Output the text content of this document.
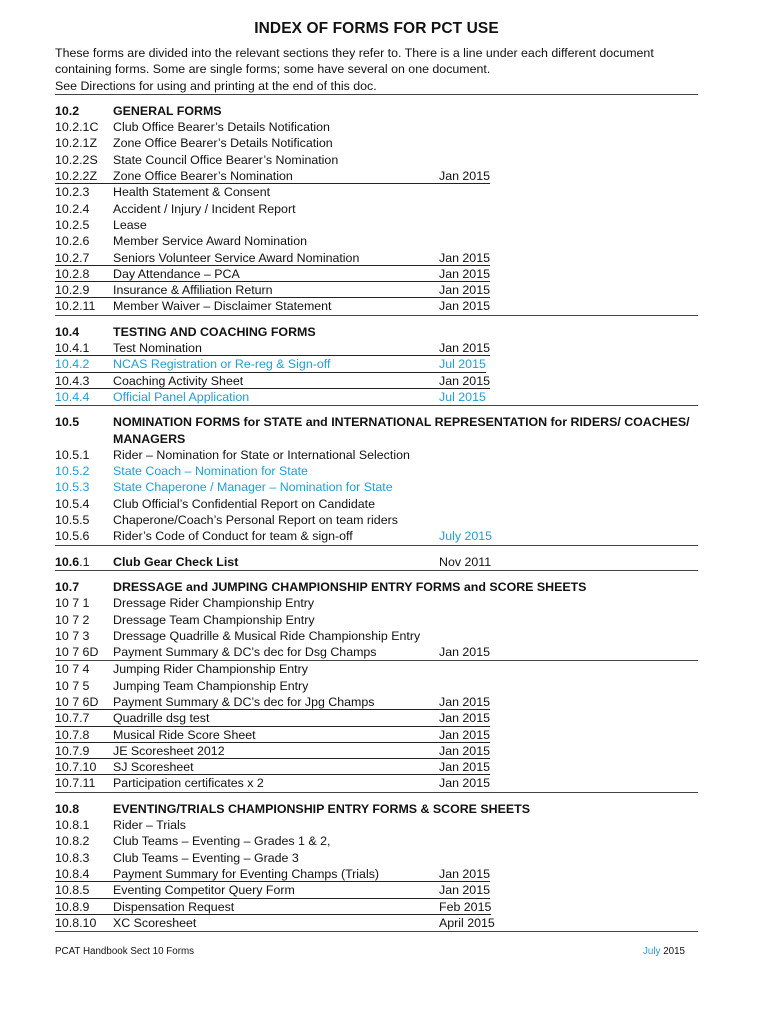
INDEX OF FORMS FOR PCT USE
These forms are divided into the relevant sections they refer to. There is a line under each different document
containing forms. Some are single forms; some have several on one document.
See Directions for using and printing at the end of this doc.
10.2	GENERAL FORMS
10.2.1C	Club Office Bearer’s Details Notification
10.2.1Z	Zone Office Bearer’s Details Notification
10.2.2S	State Council Office Bearer’s Nomination
10.2.2Z	Zone Office Bearer’s Nomination	Jan 2015
10.2.3	Health Statement & Consent
10.2.4	Accident / Injury / Incident Report
10.2.5	Lease
10.2.6	Member Service Award Nomination
10.2.7	Seniors Volunteer Service Award Nomination	Jan 2015
10.2.8	Day Attendance – PCA	Jan 2015
10.2.9	Insurance & Affiliation Return	Jan 2015
10.2.11	Member Waiver – Disclaimer Statement	Jan 2015
10.4	TESTING AND COACHING FORMS
10.4.1	Test Nomination	Jan 2015
10.4.2	NCAS Registration or Re-reg & Sign-off	Jul 2015
10.4.3	Coaching Activity Sheet	Jan 2015
10.4.4	Official Panel Application	Jul 2015
10.5	NOMINATION FORMS for STATE and INTERNATIONAL REPRESENTATION for RIDERS/ COACHES/ MANAGERS
10.5.1	Rider – Nomination for State or International Selection
10.5.2	State Coach – Nomination for State
10.5.3	State Chaperone / Manager – Nomination for State
10.5.4	Club Official’s Confidential Report on Candidate
10.5.5	Chaperone/Coach’s Personal Report on team riders
10.5.6	Rider’s Code of Conduct for team & sign-off	July 2015
10.6.1	Club Gear Check List	Nov 2011
10.7	DRESSAGE and JUMPING CHAMPIONSHIP ENTRY FORMS and SCORE SHEETS
10 7 1	Dressage Rider Championship Entry
10 7 2	Dressage Team Championship Entry
10 7 3	Dressage Quadrille & Musical Ride Championship Entry
10 7 6D	Payment Summary & DC’s dec for Dsg Champs	Jan 2015
10 7 4	Jumping Rider Championship Entry
10 7 5	Jumping Team Championship Entry
10 7 6D	Payment Summary & DC’s dec for Jpg Champs	Jan 2015
10.7.7	Quadrille dsg test	Jan 2015
10.7.8	Musical Ride Score Sheet	Jan 2015
10.7.9	JE Scoresheet 2012	Jan 2015
10.7.10	SJ Scoresheet	Jan 2015
10.7.11	Participation certificates x 2	Jan 2015
10.8	EVENTING/TRIALS CHAMPIONSHIP ENTRY FORMS & SCORE SHEETS
10.8.1	Rider – Trials
10.8.2	Club Teams – Eventing – Grades 1 & 2,
10.8.3	Club Teams – Eventing – Grade 3
10.8.4	Payment Summary for Eventing Champs (Trials)	Jan 2015
10.8.5	Eventing Competitor Query Form	Jan 2015
10.8.9	Dispensation Request	Feb 2015
10.8.10	XC Scoresheet	April 2015
PCAT Handbook Sect 10 Forms	July 2015
